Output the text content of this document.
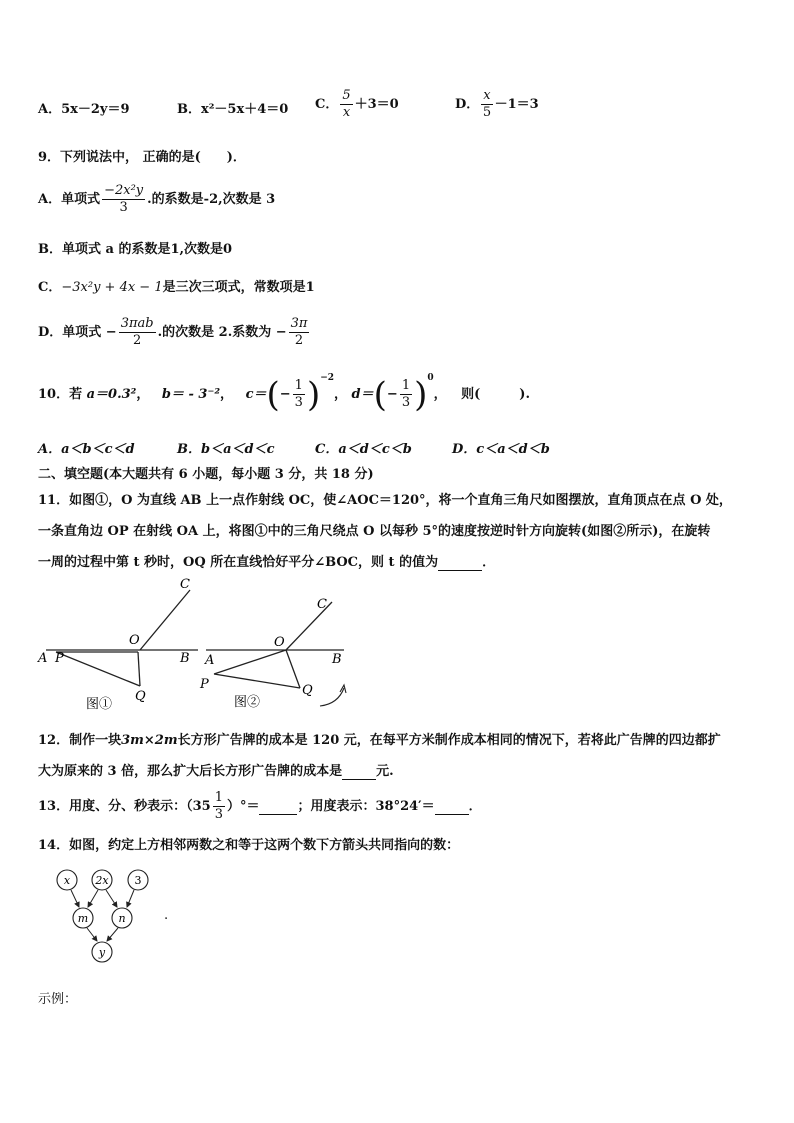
A．5x－2y＝9	B．x²－5x＋4＝0 C． $\frac{5}{x} +3=0$	D． $\frac{x}{5} -1=3$
9．下列说法中， 正确的是(　　)．
A．单项式 $\frac{\text{−2x²y}}{3}$ .的系数是-2,次数是 3
B．单项式 a 的系数是1,次数是0
C．−3x²y + 4x − 1是三次三项式，常数项是1
D．单项式 − $\frac{\text{3πab}}{2}$ .的次数是 2.系数为 − $\frac{3\pi}{2}$
10．若 a＝0.3²， b＝ - 3⁻²， $c=(- \frac{1}{3} )^{-2}$， $d=(- \frac{1}{3} )^0$， 则(　　　).
A．a＜b＜c＜d	B．b＜a＜d＜c	C．a＜d＜c＜b	D．c＜a＜d＜b
二、填空题(本大题共有 6 小题，每小题 3 分，共 18 分)
11．如图①，O 为直线 AB 上一点作射线 OC，使∠AOC＝120°，将一个直角三角尺如图摆放，直角顶点在点 O 处，
一条直角边 OP 在射线 OA 上，将图①中的三角尺绕点 O 以每秒 5°的速度按逆时针方向旋转(如图②所示)，在旋转
一周的过程中第 t 秒时，OQ 所在直线恰好平分∠BOC，则 t 的值为	．
C
O
A P	B
Q
图①
C
O
A
P
B
Q
图②
12．制作一块3m×2m长方形广告牌的成本是 120 元，在每平方米制作成本相同的情况下，若将此广告牌的四边都扩
大为原来的 3 倍，那么扩大后长方形广告牌的成本是	元.
13．用度、分、秒表示：（$35 \frac{1}{3}$ ）°＝	；用度表示：38°24′＝	．
14．如图，约定上方相邻两数之和等于这两个数下方箭头共同指向的数：
x 2x 3
m	n
y
.
示例：
